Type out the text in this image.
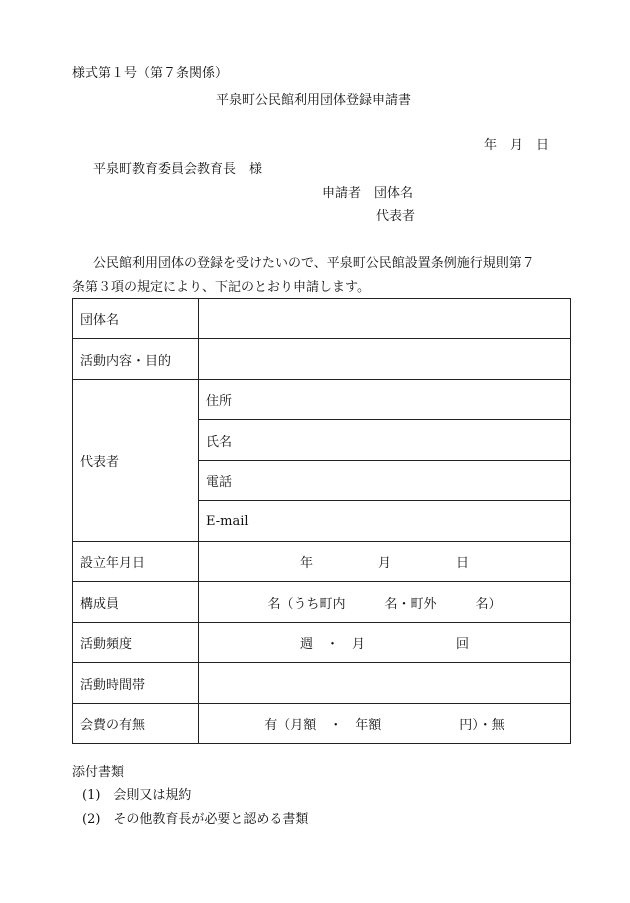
様式第１号（第７条関係）
平泉町公民館利用団体登録申請書
年　月　日
平泉町教育委員会教育長　様
申請者　団体名
代表者
公民館利用団体の登録を受けたいので、平泉町公民館設置条例施行規則第７
条第３項の規定により、下記のとおり申請します。
団体名	
活動内容・目的	
代表者	住所
	氏名
	電話
	E-mail
設立年月日	年　　　　　月　　　　　日
構成員	名（うち町内　　　名・町外　　　名）
活動頻度	週　・　月　　　　　　　回
活動時間帯	
会費の有無	有（月額　・　年額　　　　　　円）・無
添付書類
(1)　会則又は規約
(2)　その他教育長が必要と認める書類
